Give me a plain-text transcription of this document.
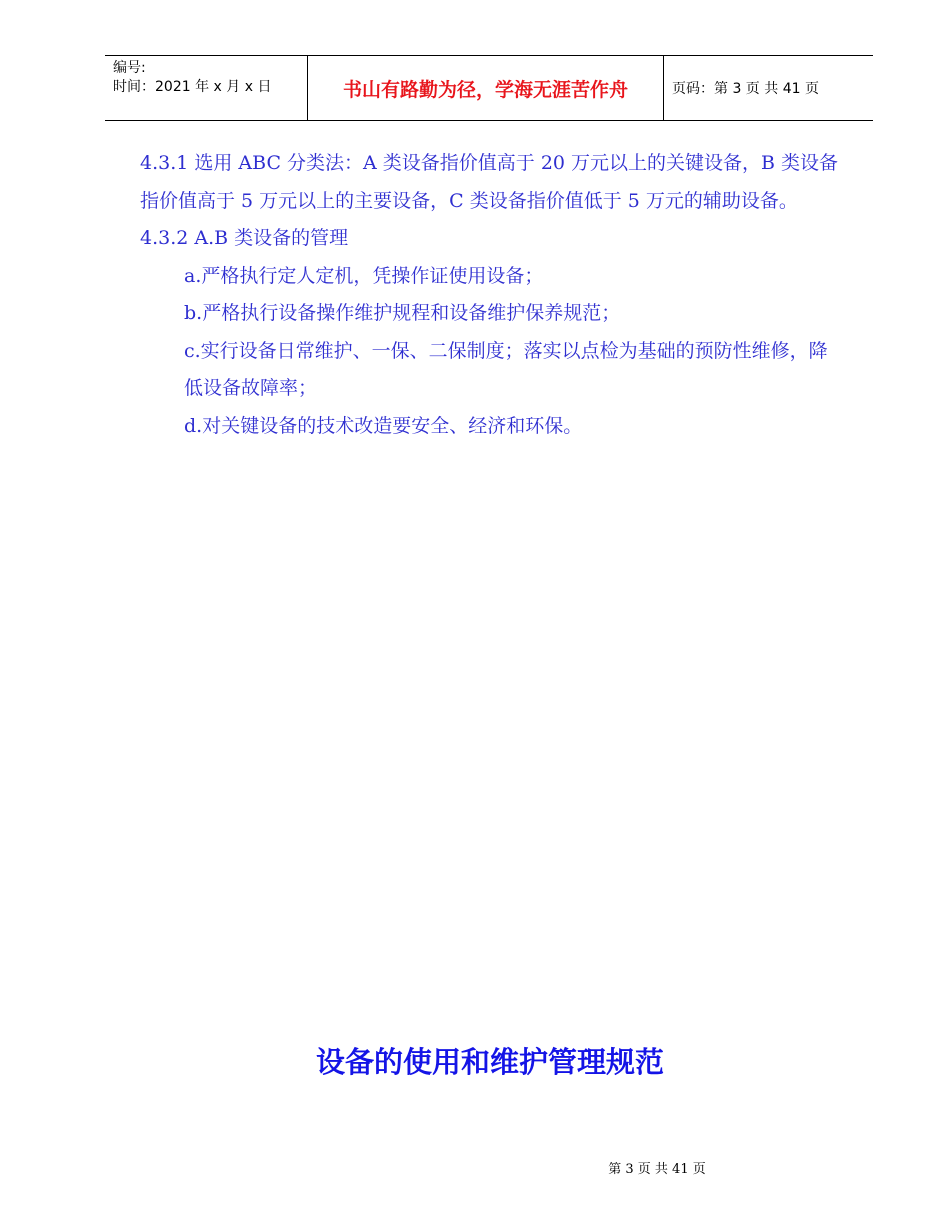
编号:
时间：2021 年 x 月 x 日	书山有路勤为径，学海无涯苦作舟	页码：第 3 页 共 41 页

4.3.1 选用 ABC 分类法：A 类设备指价值高于 20 万元以上的关键设备，B 类设备指价值高于 5 万元以上的主要设备，C 类设备指价值低于 5 万元的辅助设备。

4.3.2 A.B 类设备的管理

a.严格执行定人定机，凭操作证使用设备；

b.严格执行设备操作维护规程和设备维护保养规范；

c.实行设备日常维护、一保、二保制度；落实以点检为基础的预防性维修，降低设备故障率；

d.对关键设备的技术改造要安全、经济和环保。

设备的使用和维护管理规范
第 3 页 共 41 页
